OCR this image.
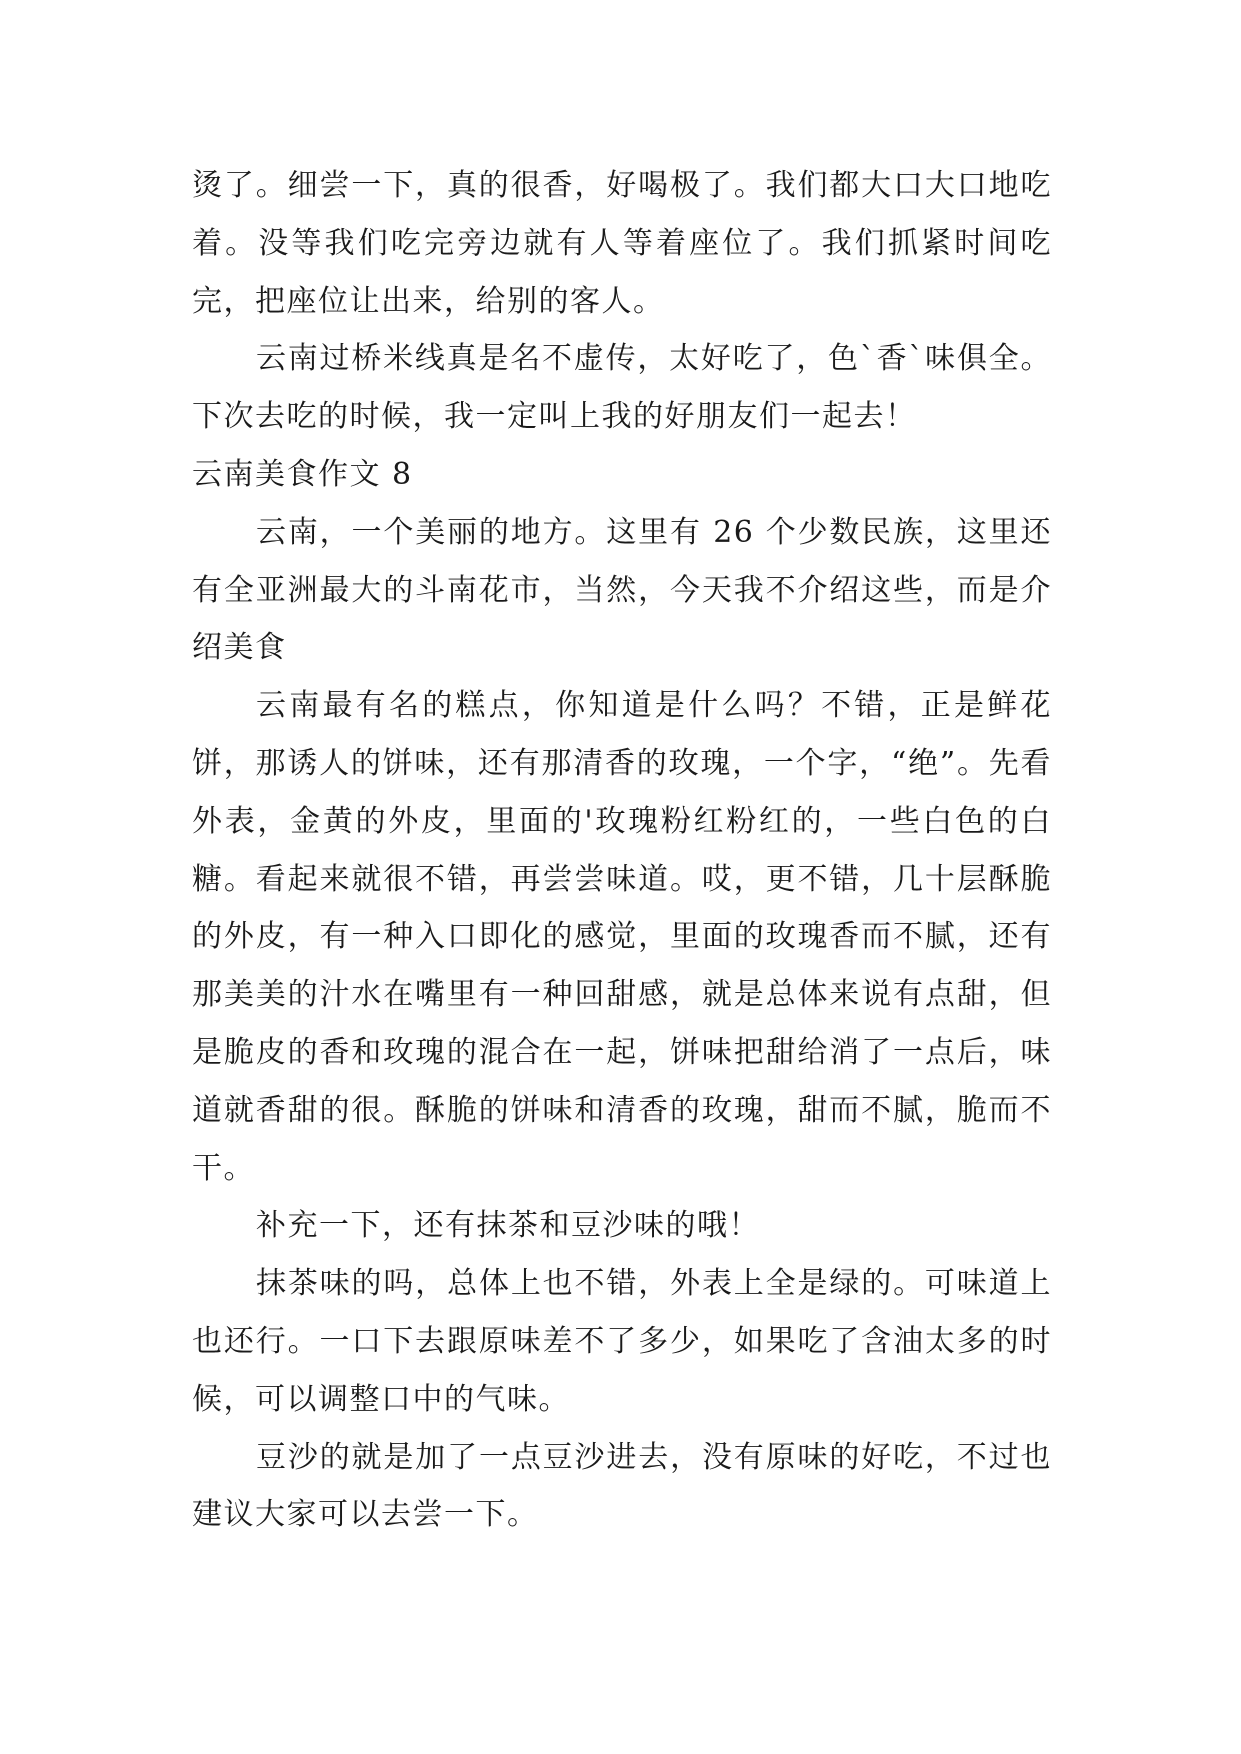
烫了。细尝一下，真的很香，好喝极了。我们都大口大口地吃着。没等我们吃完旁边就有人等着座位了。我们抓紧时间吃完，把座位让出来，给别的客人。

云南过桥米线真是名不虚传，太好吃了，色`香`味俱全。下次去吃的时候，我一定叫上我的好朋友们一起去！

云南美食作文 8

云南，一个美丽的地方。这里有 26 个少数民族，这里还有全亚洲最大的斗南花市，当然，今天我不介绍这些，而是介绍美食

云南最有名的糕点，你知道是什么吗？不错，正是鲜花饼，那诱人的饼味，还有那清香的玫瑰，一个字，“绝”。先看外表，金黄的外皮，里面的'玫瑰粉红粉红的，一些白色的白糖。看起来就很不错，再尝尝味道。哎，更不错，几十层酥脆的外皮，有一种入口即化的感觉，里面的玫瑰香而不腻，还有那美美的汁水在嘴里有一种回甜感，就是总体来说有点甜，但是脆皮的香和玫瑰的混合在一起，饼味把甜给消了一点后，味道就香甜的很。酥脆的饼味和清香的玫瑰，甜而不腻，脆而不干。

补充一下，还有抹茶和豆沙味的哦！

抹茶味的吗，总体上也不错，外表上全是绿的。可味道上也还行。一口下去跟原味差不了多少，如果吃了含油太多的时候，可以调整口中的气味。

豆沙的就是加了一点豆沙进去，没有原味的好吃，不过也建议大家可以去尝一下。
